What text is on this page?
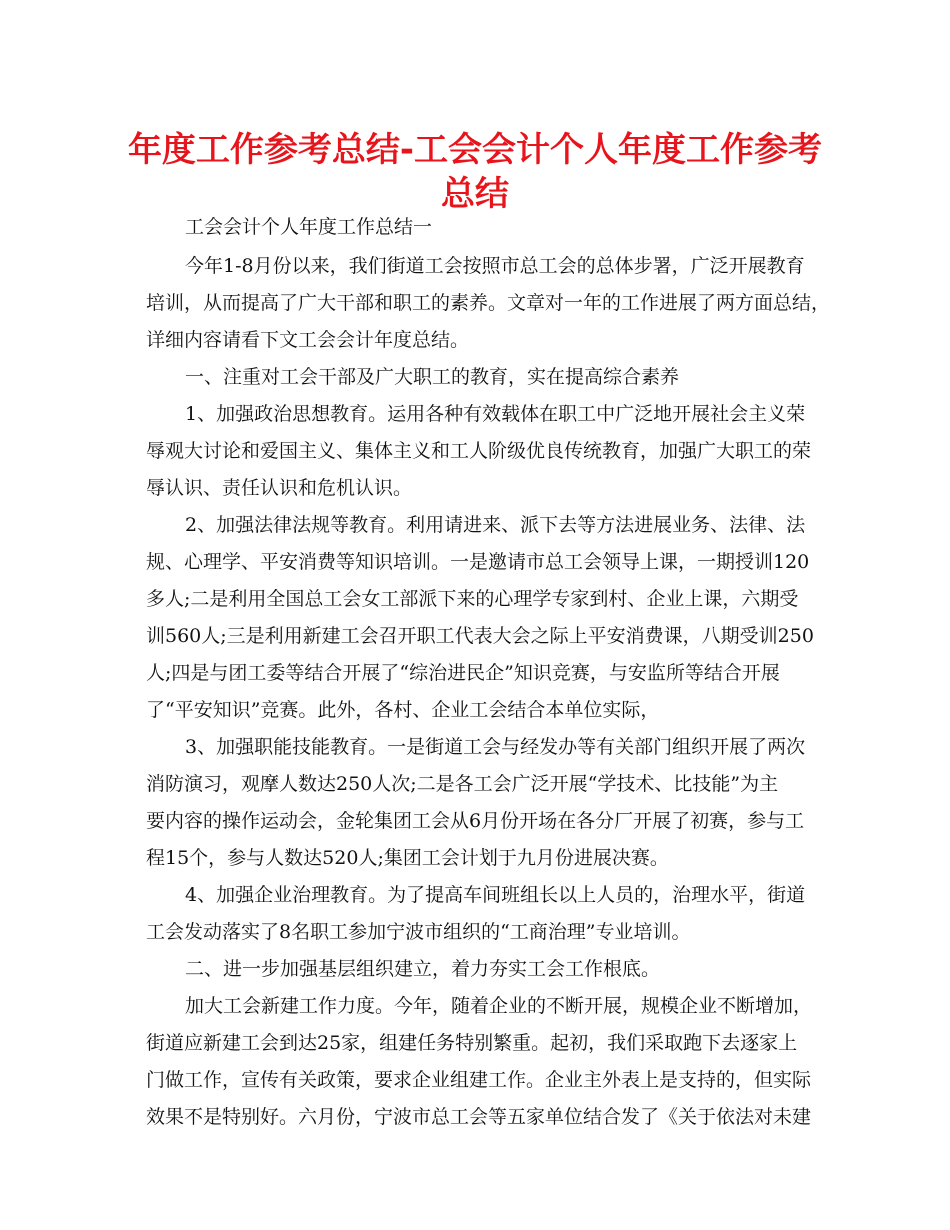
年度工作参考总结-工会会计个人年度工作参考
总结

工会会计个人年度工作总结一

今年1-8月份以来，我们街道工会按照市总工会的总体步署，广泛开展教育

培训，从而提高了广大干部和职工的素养。文章对一年的工作进展了两方面总结，

详细内容请看下文工会会计年度总结。

一、注重对工会干部及广大职工的教育，实在提高综合素养

1、加强政治思想教育。运用各种有效载体在职工中广泛地开展社会主义荣

辱观大讨论和爱国主义、集体主义和工人阶级优良传统教育，加强广大职工的荣

辱认识、责任认识和危机认识。

2、加强法律法规等教育。利用请进来、派下去等方法进展业务、法律、法

规、心理学、平安消费等知识培训。一是邀请市总工会领导上课，一期授训120

多人;二是利用全国总工会女工部派下来的心理学专家到村、企业上课，六期受

训560人;三是利用新建工会召开职工代表大会之际上平安消费课，八期受训250

人;四是与团工委等结合开展了“综治进民企”知识竞赛，与安监所等结合开展

了“平安知识”竞赛。此外，各村、企业工会结合本单位实际，

3、加强职能技能教育。一是街道工会与经发办等有关部门组织开展了两次

消防演习，观摩人数达250人次;二是各工会广泛开展“学技术、比技能”为主

要内容的操作运动会，金轮集团工会从6月份开场在各分厂开展了初赛，参与工

程15个，参与人数达520人;集团工会计划于九月份进展决赛。

4、加强企业治理教育。为了提高车间班组长以上人员的，治理水平，街道

工会发动落实了8名职工参加宁波市组织的“工商治理”专业培训。

二、进一步加强基层组织建立，着力夯实工会工作根底。

加大工会新建工作力度。今年，随着企业的不断开展，规模企业不断增加，

街道应新建工会到达25家，组建任务特别繁重。起初，我们采取跑下去逐家上

门做工作，宣传有关政策，要求企业组建工作。企业主外表上是支持的，但实际

效果不是特别好。六月份，宁波市总工会等五家单位结合发了《关于依法对未建
